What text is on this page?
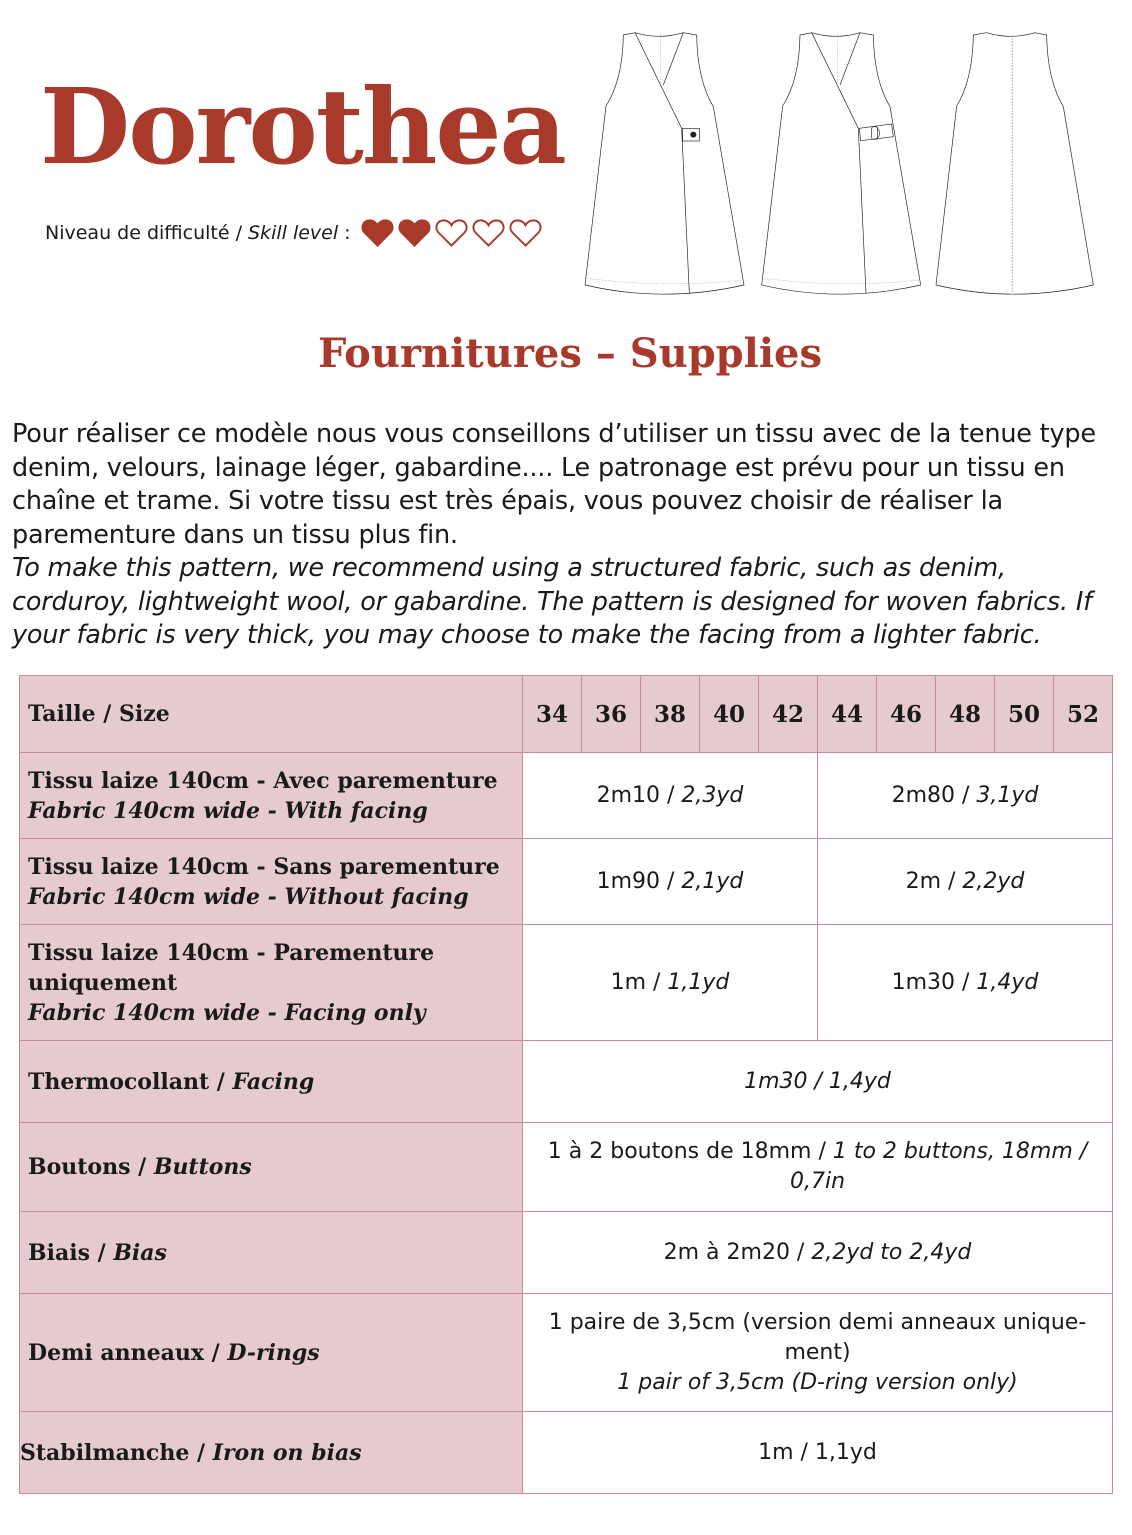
Dorothea
Niveau de difficulté / Skill level :
Fournitures – Supplies

Pour réaliser ce modèle nous vous conseillons d’utiliser un tissu avec de la tenue type denim, velours, lainage léger, gabardine.... Le patronage est prévu pour un tissu en chaîne et trame. Si votre tissu est très épais, vous pouvez choisir de réaliser la parementure dans un tissu plus fin.

To make this pattern, we recommend using a structured fabric, such as denim, corduroy, lightweight wool, or gabardine. The pattern is designed for woven fabrics. If your fabric is very thick, you may choose to make the facing from a lighter fabric.

Taille / Size	34	36	38	40	42	44	46	48	50	52
Tissu laize 140cm - Avec parementure
Fabric 140cm wide - With facing	2m10 / 2,3yd					2m80 / 3,1yd				
Tissu laize 140cm - Sans parementure
Fabric 140cm wide - Without facing	1m90 / 2,1yd					2m / 2,2yd				
Tissu laize 140cm - Parementure uniquement
Fabric 140cm wide - Facing only	1m / 1,1yd					1m30 / 1,4yd				
Thermocollant / Facing	1m30 / 1,4yd									
Boutons / Buttons	1 à 2 boutons de 18mm / 1 to 2 buttons, 18mm / 0,7in									
Biais / Bias	2m à 2m20 / 2,2yd to 2,4yd									
Demi anneaux / D-rings	1 paire de 3,5cm (version demi anneaux unique-ment)
1 pair of 3,5cm (D-ring version only)									
Stabilmanche / Iron on bias	1m / 1,1yd									
